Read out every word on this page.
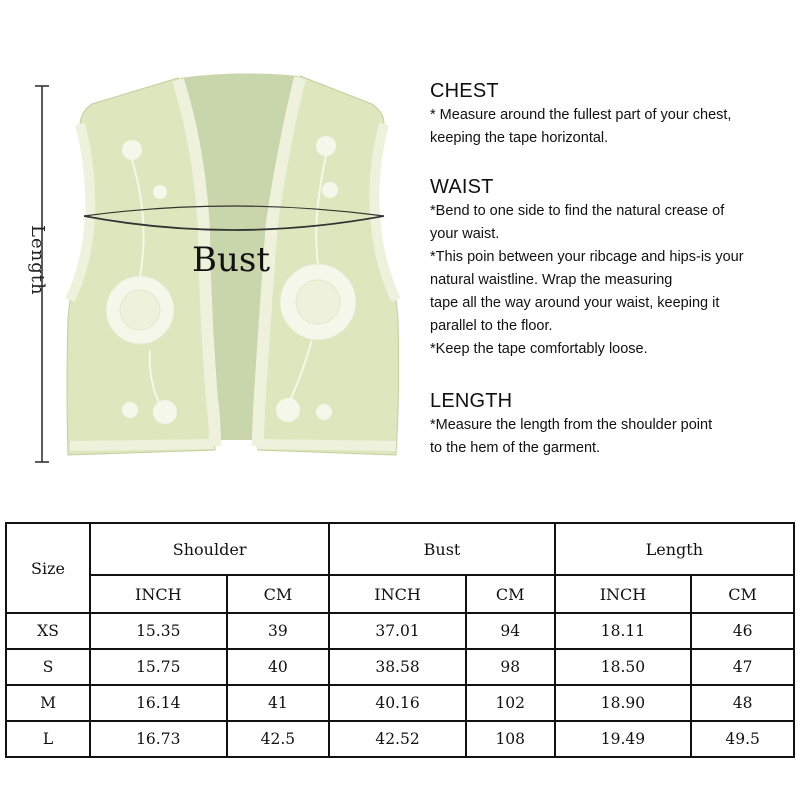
Length	Bust
CHEST

* Measure around the fullest part of your chest,

keeping the tape horizontal.

WAIST

*Bend to one side to find the natural crease of

your waist.

*This poin between your ribcage and hips-is your

natural waistline. Wrap the measuring

tape all the way around your waist, keeping it

parallel to the floor.

*Keep the tape comfortably loose.

LENGTH

*Measure the length from the shoulder point

to the hem of the garment.

Size	Shoulder		Bust		Length	
	INCH	CM	INCH	CM	INCH	CM
XS	15.35	39	37.01	94	18.11	46
S	15.75	40	38.58	98	18.50	47
M	16.14	41	40.16	102	18.90	48
L	16.73	42.5	42.52	108	19.49	49.5
